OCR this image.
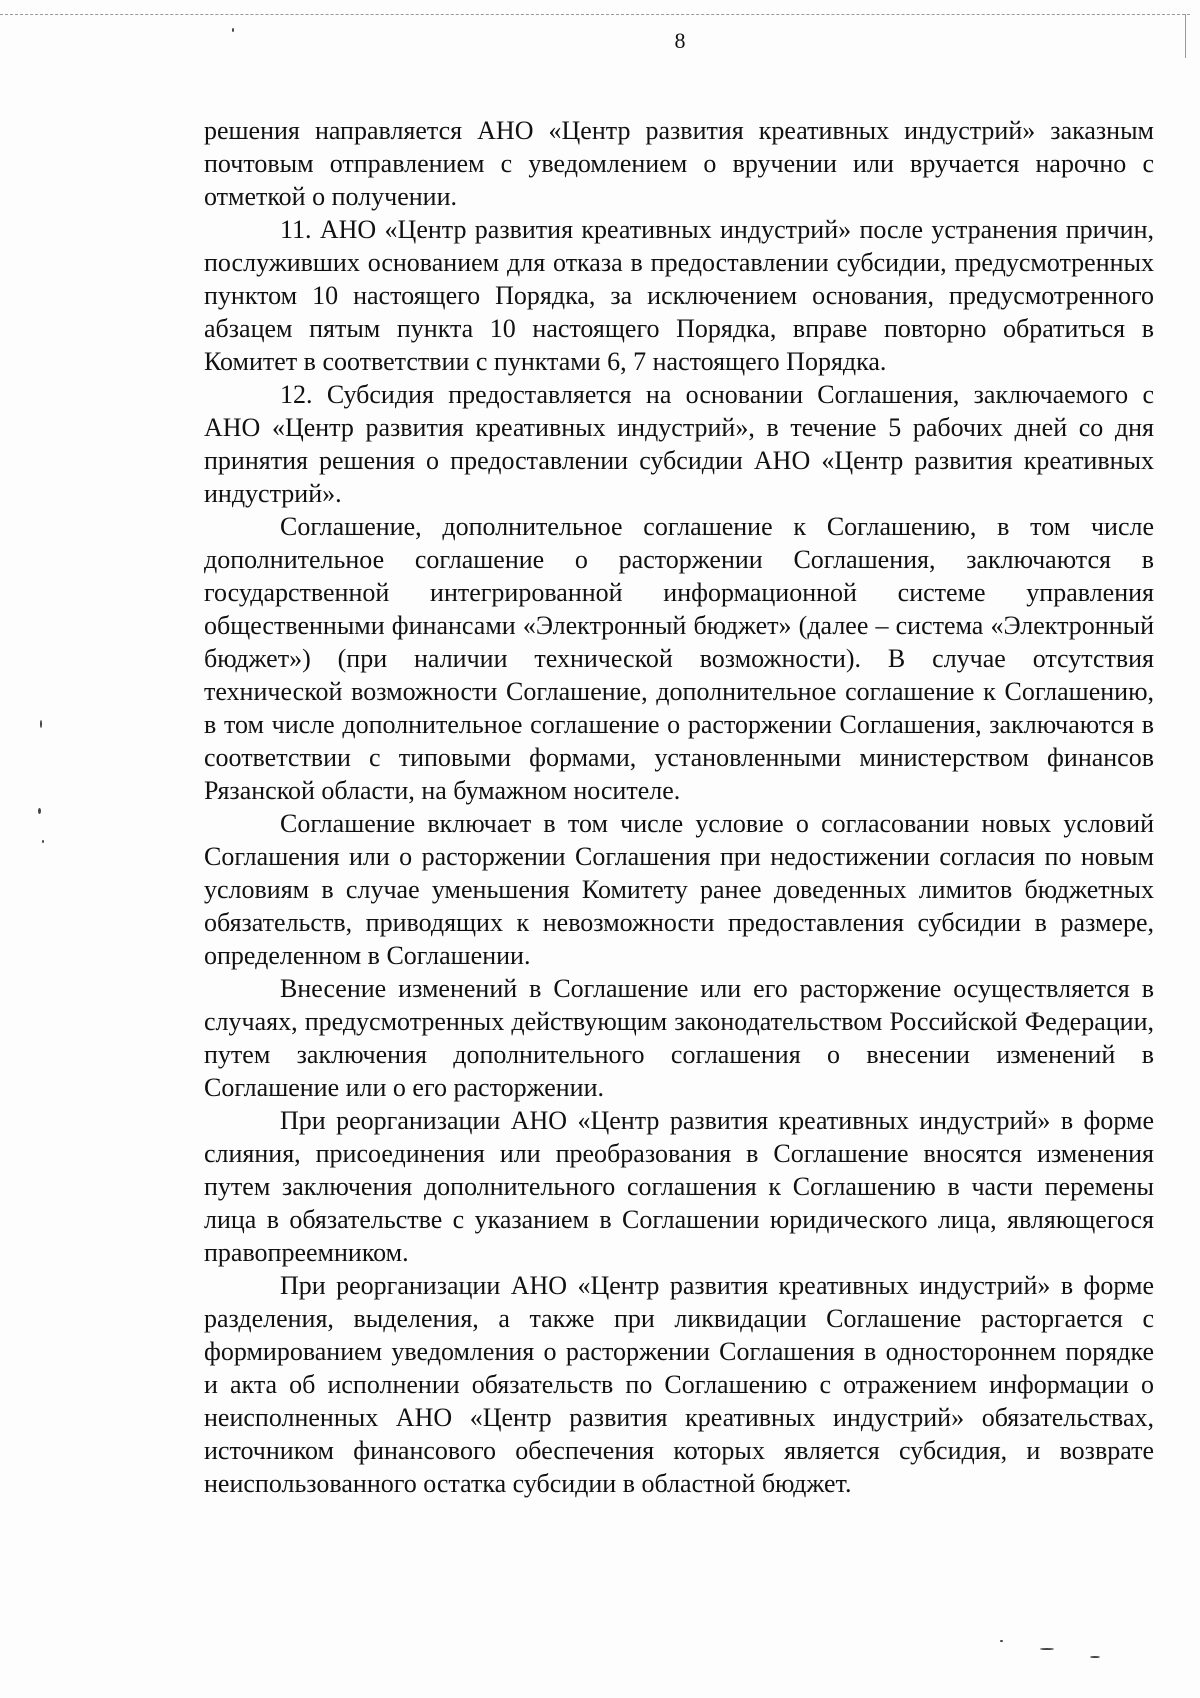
8

решения направляется АНО «Центр развития креативных индустрий» заказным почтовым отправлением с уведомлением о вручении или вручается нарочно с отметкой о получении.

11. АНО «Центр развития креативных индустрий» после устранения причин, послуживших основанием для отказа в предоставлении субсидии, предусмотренных пунктом 10 настоящего Порядка, за исключением основания, предусмотренного абзацем пятым пункта 10 настоящего Порядка, вправе повторно обратиться в Комитет в соответствии с пунктами 6, 7 настоящего Порядка.

12. Субсидия предоставляется на основании Соглашения, заключаемого с АНО «Центр развития креативных индустрий», в течение 5 рабочих дней со дня принятия решения о предоставлении субсидии АНО «Центр развития креативных индустрий».

Соглашение, дополнительное соглашение к Соглашению, в том числе дополнительное соглашение о расторжении Соглашения, заключаются в государственной интегрированной информационной системе управления общественными финансами «Электронный бюджет» (далее – система «Электронный бюджет») (при наличии технической возможности). В случае отсутствия технической возможности Соглашение, дополнительное соглашение к Соглашению, в том числе дополнительное соглашение о расторжении Соглашения, заключаются в соответствии с типовыми формами, установленными министерством финансов Рязанской области, на бумажном носителе.

Соглашение включает в том числе условие о согласовании новых условий Соглашения или о расторжении Соглашения при недостижении согласия по новым условиям в случае уменьшения Комитету ранее доведенных лимитов бюджетных обязательств, приводящих к невозможности предоставления субсидии в размере, определенном в Соглашении.

Внесение изменений в Соглашение или его расторжение осуществляется в случаях, предусмотренных действующим законодательством Российской Федерации, путем заключения дополнительного соглашения о внесении изменений в Соглашение или о его расторжении.

При реорганизации АНО «Центр развития креативных индустрий» в форме слияния, присоединения или преобразования в Соглашение вносятся изменения путем заключения дополнительного соглашения к Соглашению в части перемены лица в обязательстве с указанием в Соглашении юридического лица, являющегося правопреемником.

При реорганизации АНО «Центр развития креативных индустрий» в форме разделения, выделения, а также при ликвидации Соглашение расторгается с формированием уведомления о расторжении Соглашения в одностороннем порядке и акта об исполнении обязательств по Соглашению с отражением информации о неисполненных АНО «Центр развития креативных индустрий» обязательствах, источником финансового обеспечения которых является субсидия, и возврате неиспользованного остатка субсидии в областной бюджет.
